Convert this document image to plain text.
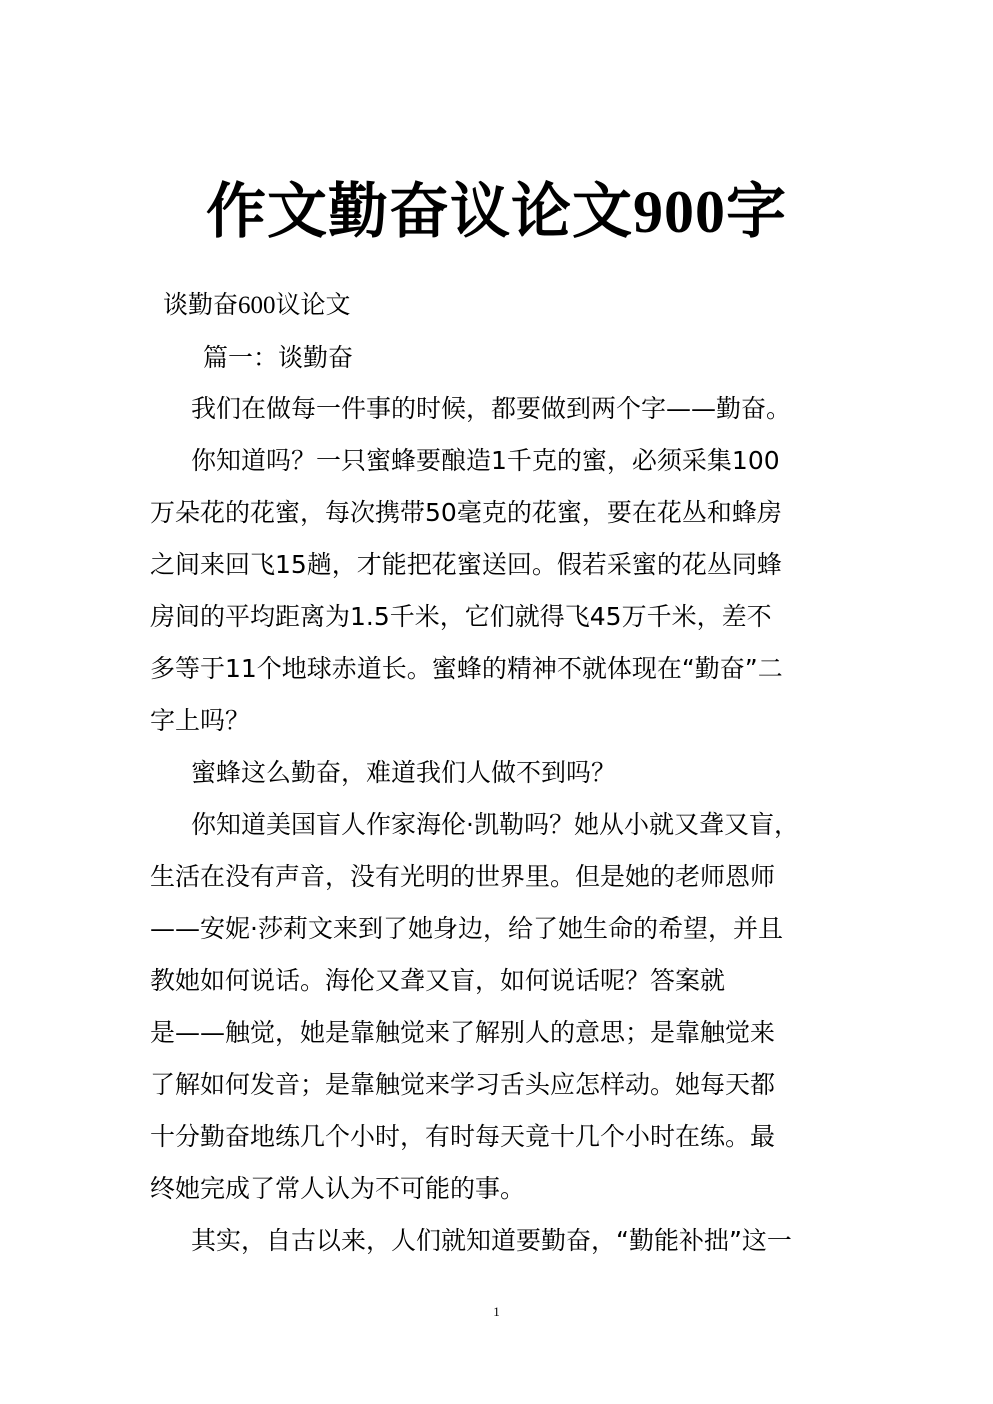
作文勤奋议论文900字
谈勤奋600议论文
篇一：谈勤奋
我们在做每一件事的时候，都要做到两个字——勤奋。
你知道吗？一只蜜蜂要酿造1千克的蜜，必须采集100
万朵花的花蜜，每次携带50毫克的花蜜，要在花丛和蜂房
之间来回飞15趟，才能把花蜜送回。假若采蜜的花丛同蜂
房间的平均距离为1.5千米，它们就得飞45万千米，差不
多等于11个地球赤道长。蜜蜂的精神不就体现在“勤奋”二
字上吗？
蜜蜂这么勤奋，难道我们人做不到吗？
你知道美国盲人作家海伦·凯勒吗？她从小就又聋又盲，
生活在没有声音，没有光明的世界里。但是她的老师恩师
——安妮·莎莉文来到了她身边，给了她生命的希望，并且
教她如何说话。海伦又聋又盲，如何说话呢？答案就
是——触觉，她是靠触觉来了解别人的意思；是靠触觉来
了解如何发音；是靠触觉来学习舌头应怎样动。她每天都
十分勤奋地练几个小时，有时每天竟十几个小时在练。最
终她完成了常人认为不可能的事。
其实，自古以来，人们就知道要勤奋，“勤能补拙”这一
1
